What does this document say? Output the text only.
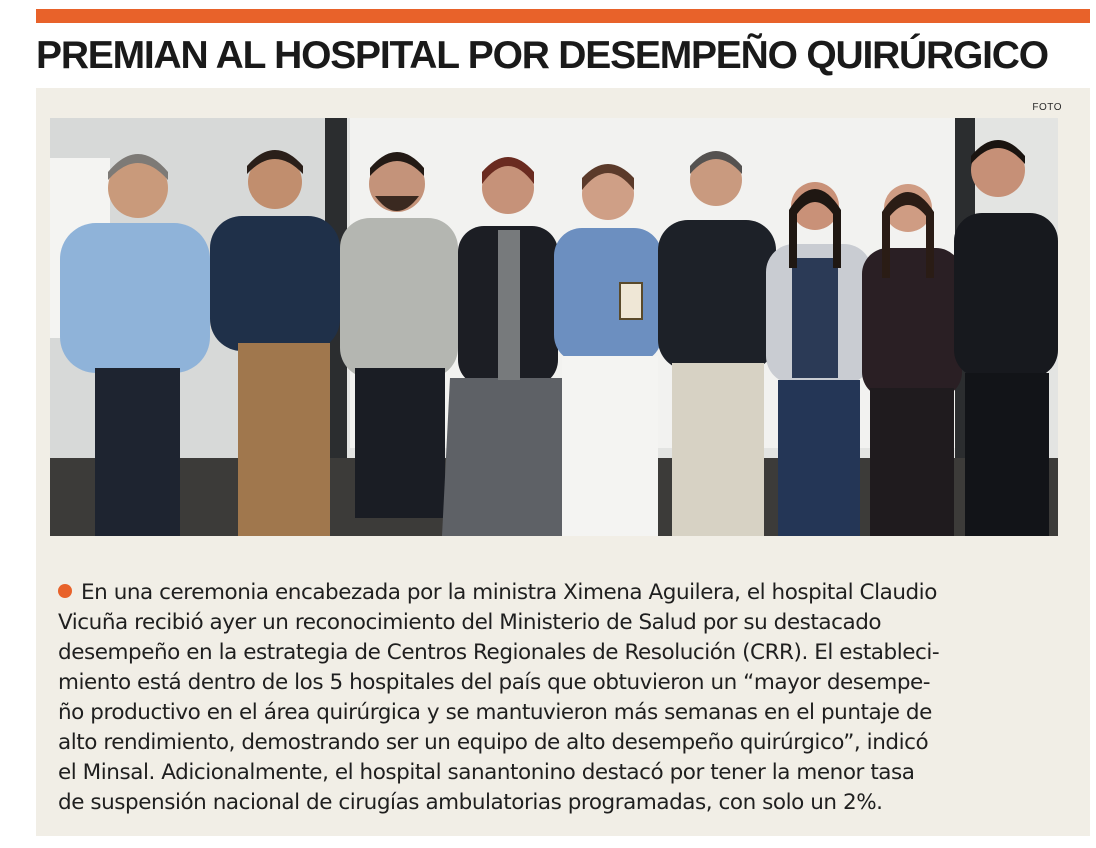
PREMIAN AL HOSPITAL POR DESEMPEÑO QUIRÚRGICO
FOTO

En una ceremonia encabezada por la ministra Ximena Aguilera, el hospital Claudio
Vicuña recibió ayer un reconocimiento del Ministerio de Salud por su destacado
desempeño en la estrategia de Centros Regionales de Resolución (CRR). El estableci-
miento está dentro de los 5 hospitales del país que obtuvieron un “mayor desempe-
ño productivo en el área quirúrgica y se mantuvieron más semanas en el puntaje de
alto rendimiento, demostrando ser un equipo de alto desempeño quirúrgico”, indicó
el Minsal. Adicionalmente, el hospital sanantonino destacó por tener la menor tasa
de suspensión nacional de cirugías ambulatorias programadas, con solo un 2%.
